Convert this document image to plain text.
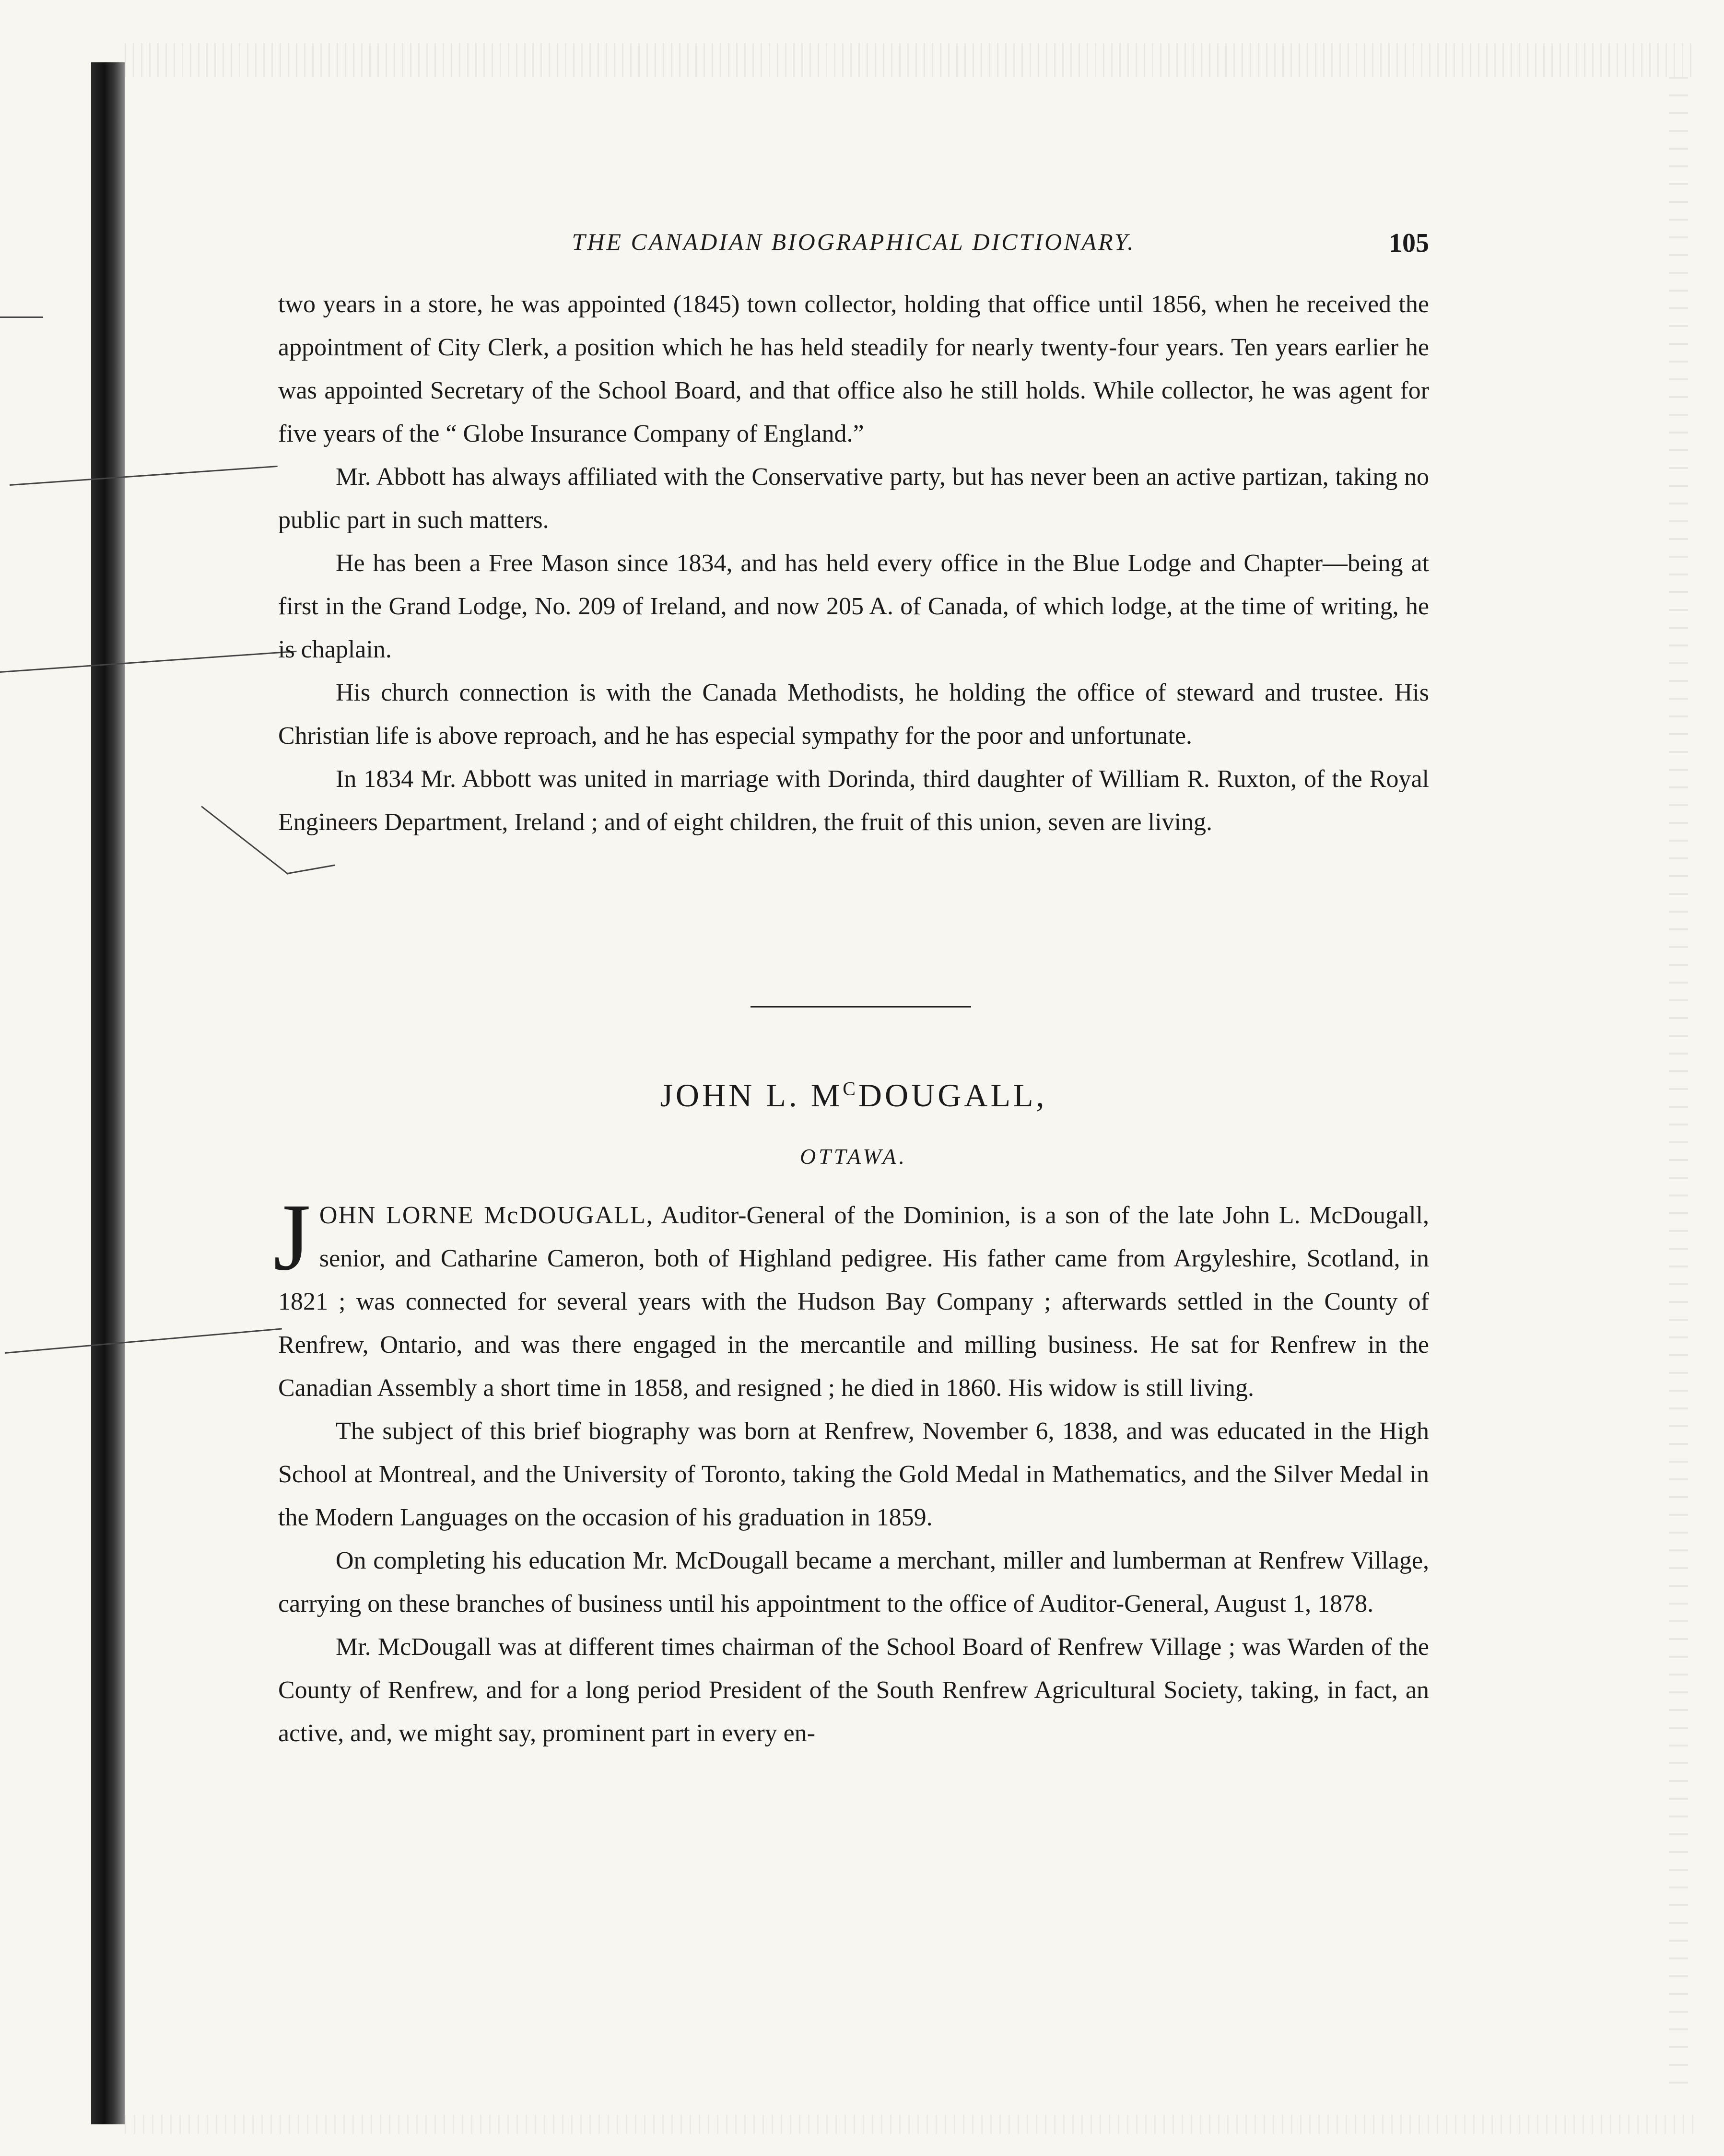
THE CANADIAN BIOGRAPHICAL DICTIONARY.	105

two years in a store, he was appointed (1845) town collector, holding that office until 1856, when he received the appointment of City Clerk, a position which he has held steadily for nearly twenty-four years. Ten years earlier he was appointed Secretary of the School Board, and that office also he still holds. While collector, he was agent for five years of the “ Globe Insurance Company of England.”

Mr. Abbott has always affiliated with the Conservative party, but has never been an active partizan, taking no public part in such matters.

He has been a Free Mason since 1834, and has held every office in the Blue Lodge and Chapter—being at first in the Grand Lodge, No. 209 of Ireland, and now 205 A. of Canada, of which lodge, at the time of writing, he is chaplain.

His church connection is with the Canada Methodists, he holding the office of steward and trustee. His Christian life is above reproach, and he has especial sympathy for the poor and unfortunate.

In 1834 Mr. Abbott was united in marriage with Dorinda, third daughter of William R. Ruxton, of the Royal Engineers Department, Ireland ; and of eight children, the fruit of this union, seven are living.

JOHN L. $M^CDOUGALL$,
OTTAWA.

JOHN LORNE McDOUGALL, Auditor-General of the Dominion, is a son of the late John L. McDougall, senior, and Catharine Cameron, both of Highland pedigree. His father came from Argyleshire, Scotland, in 1821 ; was connected for several years with the Hudson Bay Company ; afterwards settled in the County of Renfrew, Ontario, and was there engaged in the mercantile and milling business. He sat for Renfrew in the Canadian Assembly a short time in 1858, and resigned ; he died in 1860. His widow is still living.

The subject of this brief biography was born at Renfrew, November 6, 1838, and was educated in the High School at Montreal, and the University of Toronto, taking the Gold Medal in Mathematics, and the Silver Medal in the Modern Languages on the occasion of his graduation in 1859.

On completing his education Mr. McDougall became a merchant, miller and lumberman at Renfrew Village, carrying on these branches of business until his appointment to the office of Auditor-General, August 1, 1878.

Mr. McDougall was at different times chairman of the School Board of Renfrew Village ; was Warden of the County of Renfrew, and for a long period President of the South Renfrew Agricultural Society, taking, in fact, an active, and, we might say, prominent part in every en-
